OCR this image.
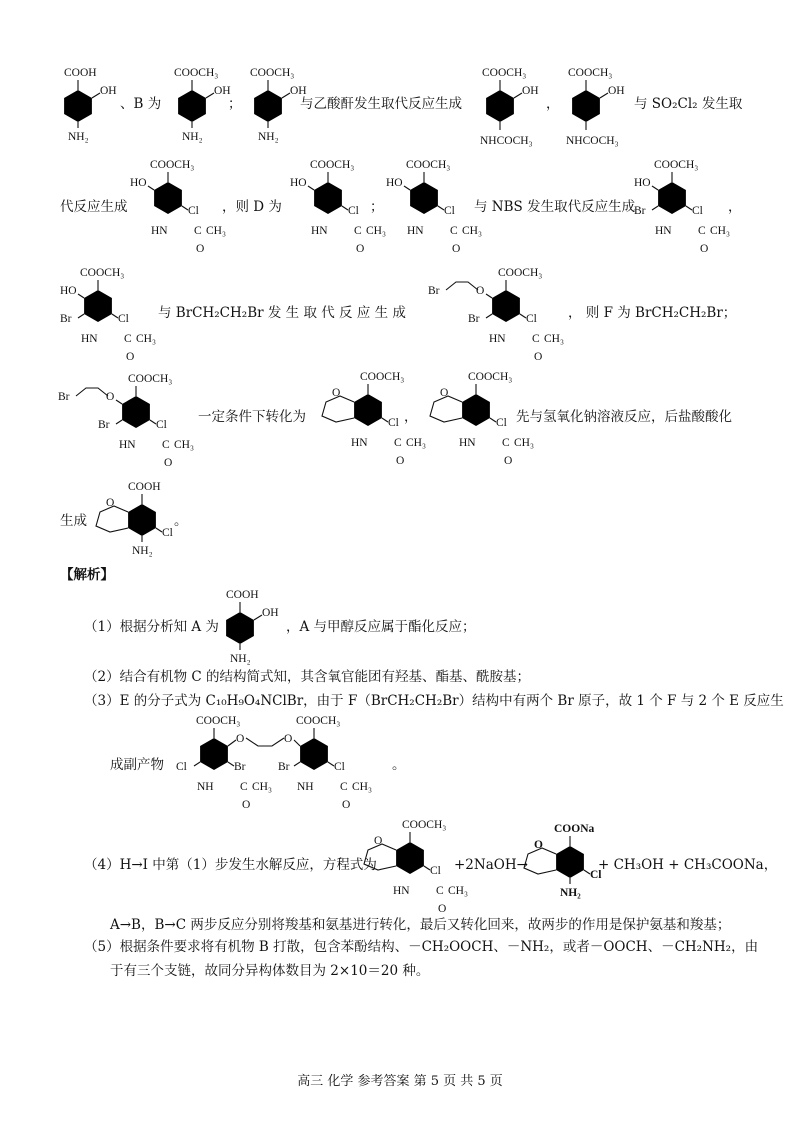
COOH
OH
NH₂
、B 为
COOCH₃
OH
NH₂
；
COOCH₃
OH
NH₂
与乙酸酐发生取代反应生成
COOCH₃
OH
NHCOCH₃
，
COOCH₃
OH
NHCOCH₃
与 SO₂Cl₂ 发生取
代反应生成
COOCH₃
HO
Cl
HN C CH₃
O
，则 D 为
COOCH₃
HO
Cl
HN C CH₃
O
；
COOCH₃
HO
Cl
HN C CH₃
O
与 NBS 发生取代反应生成
COOCH₃
HO
Br	Cl
HN C CH₃
O
，
COOCH₃
HO
Br	Cl
HN C CH₃
O
与 BrCH₂CH₂Br 发 生 取 代 反 应 生 成
Br	O
COOCH₃
Br	Cl
HN C CH₃
O
， 则 F 为 BrCH₂CH₂Br；
Br	O
COOCH₃
Br	Cl
HN C CH₃
O
一定条件下转化为
O
COOCH₃
Cl
HN C CH₃
O
，
O
COOCH₃
Cl
HN C CH₃
O
先与氢氧化钠溶液反应，后盐酸酸化
生成
O
COOH
Cl
NH₂
。
【解析】
（1）根据分析知 A 为
COOH
OH
NH₂
，A 与甲醇反应属于酯化反应；
（2）结合有机物 C 的结构简式知，其含氧官能团有羟基、酯基、酰胺基；
（3）E 的分子式为 C₁₀H₉O₄NClBr，由于 F（BrCH₂CH₂Br）结构中有两个 Br 原子，故 1 个 F 与 2 个 E 反应生
成副产物
COOCH₃
Cl	Br
NH C CH₃
O
O	O
COOCH₃
Br	Cl
NH C CH₃
O
。
（4）H→I 中第（1）步发生水解反应，方程式为
O
COOCH₃
Cl
HN C CH₃
O
+2NaOH→
O
COONa
Cl
NH₂
+ CH₃OH + CH₃COONa，
A→B，B→C 两步反应分别将羧基和氨基进行转化，最后又转化回来，故两步的作用是保护氨基和羧基；
（5）根据条件要求将有机物 B 打散，包含苯酚结构、－CH₂OOCH、－NH₂，或者－OOCH、－CH₂NH₂，由
于有三个支链，故同分异构体数目为 2×10＝20 种。
高三 化学 参考答案 第 5 页 共 5 页
